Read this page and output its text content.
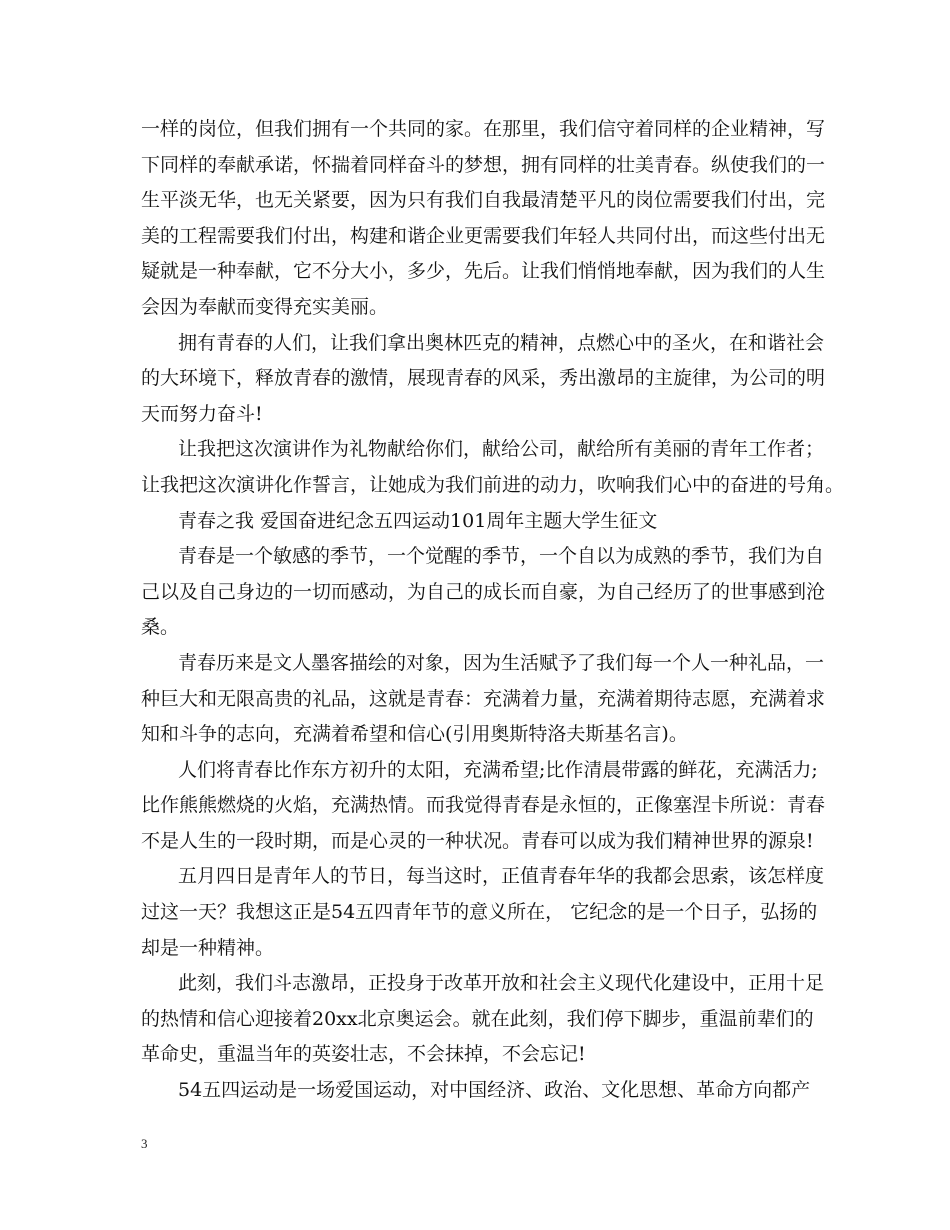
一样的岗位，但我们拥有一个共同的家。在那里，我们信守着同样的企业精神，写
下同样的奉献承诺，怀揣着同样奋斗的梦想，拥有同样的壮美青春。纵使我们的一
生平淡无华，也无关紧要，因为只有我们自我最清楚平凡的岗位需要我们付出，完
美的工程需要我们付出，构建和谐企业更需要我们年轻人共同付出，而这些付出无
疑就是一种奉献，它不分大小，多少，先后。让我们悄悄地奉献，因为我们的人生
会因为奉献而变得充实美丽。
拥有青春的人们，让我们拿出奥林匹克的精神，点燃心中的圣火，在和谐社会
的大环境下，释放青春的激情，展现青春的风采，秀出激昂的主旋律，为公司的明
天而努力奋斗!
让我把这次演讲作为礼物献给你们，献给公司，献给所有美丽的青年工作者；
让我把这次演讲化作誓言，让她成为我们前进的动力，吹响我们心中的奋进的号角。
青春之我 爱国奋进纪念五四运动101周年主题大学生征文
青春是一个敏感的季节，一个觉醒的季节，一个自以为成熟的季节，我们为自
己以及自己身边的一切而感动，为自己的成长而自豪，为自己经历了的世事感到沧
桑。
青春历来是文人墨客描绘的对象，因为生活赋予了我们每一个人一种礼品，一
种巨大和无限高贵的礼品，这就是青春：充满着力量，充满着期待志愿，充满着求
知和斗争的志向，充满着希望和信心(引用奥斯特洛夫斯基名言)。
人们将青春比作东方初升的太阳，充满希望;比作清晨带露的鲜花，充满活力;
比作熊熊燃烧的火焰，充满热情。而我觉得青春是永恒的，正像塞涅卡所说：青春
不是人生的一段时期，而是心灵的一种状况。青春可以成为我们精神世界的源泉!
五月四日是青年人的节日，每当这时，正值青春年华的我都会思索，该怎样度
过这一天？我想这正是54五四青年节的意义所在， 它纪念的是一个日子，弘扬的
却是一种精神。
此刻，我们斗志激昂，正投身于改革开放和社会主义现代化建设中，正用十足
的热情和信心迎接着20xx北京奥运会。就在此刻，我们停下脚步，重温前辈们的
革命史，重温当年的英姿壮志，不会抹掉，不会忘记!
54五四运动是一场爱国运动，对中国经济、政治、文化思想、革命方向都产
3
